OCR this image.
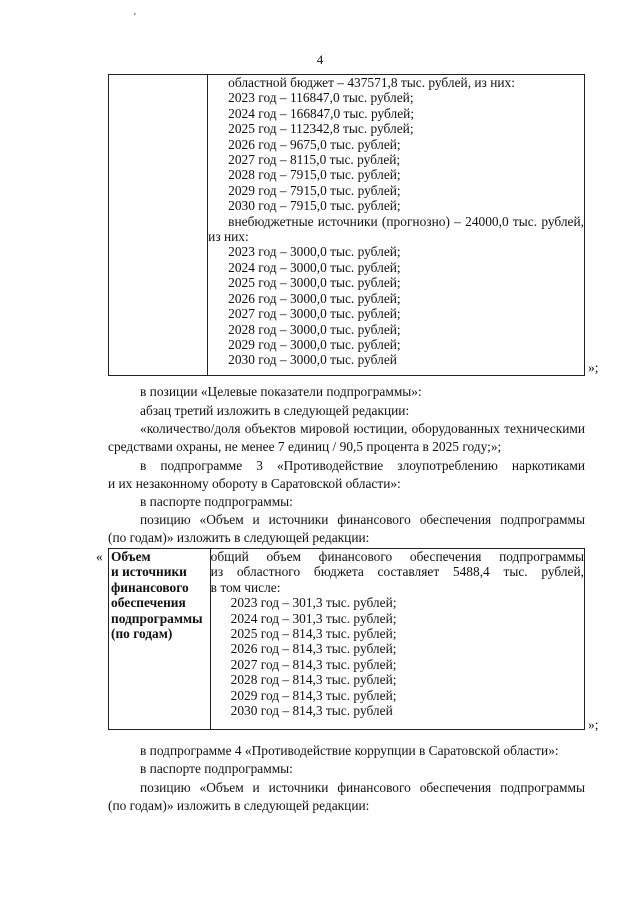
'
4

областной бюджет – 437571,8 тыс. рублей, из них:
2023 год – 116847,0 тыс. рублей;
2024 год – 166847,0 тыс. рублей;
2025 год – 112342,8 тыс. рублей;
2026 год – 9675,0 тыс. рублей;
2027 год – 8115,0 тыс. рублей;
2028 год – 7915,0 тыс. рублей;
2029 год – 7915,0 тыс. рублей;
2030 год – 7915,0 тыс. рублей;
внебюджетные источники (прогнозно) – 24000,0 тыс. рублей,
из них:
2023 год – 3000,0 тыс. рублей;
2024 год – 3000,0 тыс. рублей;
2025 год – 3000,0 тыс. рублей;
2026 год – 3000,0 тыс. рублей;
2027 год – 3000,0 тыс. рублей;
2028 год – 3000,0 тыс. рублей;
2029 год – 3000,0 тыс. рублей;
2030 год – 3000,0 тыс. рублей
»;
в позиции «Целевые показатели подпрограммы»:
абзац третий изложить в следующей редакции:
«количество/доля объектов мировой юстиции, оборудованных техническими
средствами охраны, не менее 7 единиц / 90,5 процента в 2025 году;»;
в подпрограмме 3 «Противодействие злоупотреблению наркотиками
и их незаконному обороту в Саратовской области»:
в паспорте подпрограммы:
позицию «Объем и источники финансового обеспечения подпрограммы
(по годам)» изложить в следующей редакции:
« Объем
и источники
финансового
обеспечения
подпрограммы
(по годам)

общий объем финансового обеспечения подпрограммы
из областного бюджета составляет 5488,4 тыс. рублей,
в том числе:
2023 год – 301,3 тыс. рублей;
2024 год – 301,3 тыс. рублей;
2025 год – 814,3 тыс. рублей;
2026 год – 814,3 тыс. рублей;
2027 год – 814,3 тыс. рублей;
2028 год – 814,3 тыс. рублей;
2029 год – 814,3 тыс. рублей;
2030 год – 814,3 тыс. рублей
»;
в подпрограмме 4 «Противодействие коррупции в Саратовской области»:
в паспорте подпрограммы:
позицию «Объем и источники финансового обеспечения подпрограммы
(по годам)» изложить в следующей редакции:
